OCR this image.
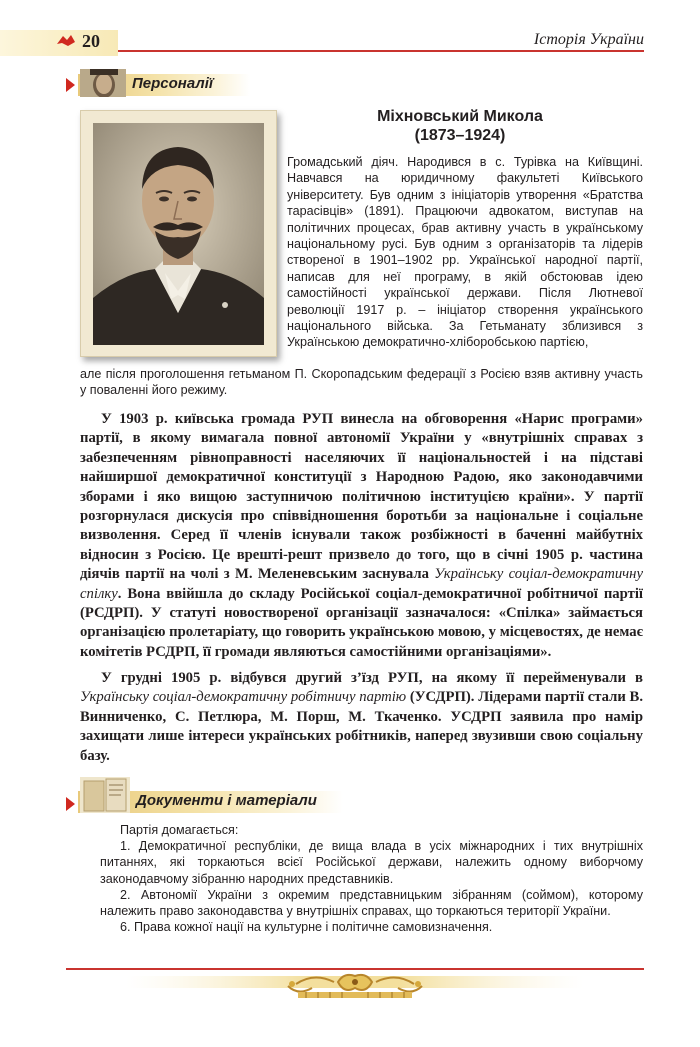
20	Історія України
Персоналії
Міхновський Микола
(1873–1924)
Громадський діяч. Народився в с. Турівка на Київщині. Навчався на юридичному факультеті Київського університету. Був одним з ініціаторів утворення «Братства тарасівців» (1891). Працюючи адвокатом, виступав на політичних процесах, брав активну участь в українському національному русі. Був одним з організаторів та лідерів створеної в 1901–1902 рр. Української народної партії, написав для неї програму, в якій обстоював ідею самостійності української держави. Після Лютневої революції 1917 р. – ініціатор створення українського національного війська. За Гетьманату зблизився з Українською демократично-хліборобською партією,
але після проголошення гетьманом П. Скоропадським федерації з Росією взяв активну участь у поваленні його режиму.
У 1903 р. київська громада РУП винесла на обговорення «Нарис програми» партії, в якому вимагала повної автономії України у «внутрішніх справах з забезпеченням рівноправності населяючих її національностей і на підставі найширшої демократичної конституції з Народною Радою, яко законодавчими зборами і яко вищою заступничою політичною інституцією країни». У партії розгорнулася дискусія про співвідношення боротьби за національне і соціальне визволення. Серед її членів існували також розбіжності в баченні майбутніх відносин з Росією. Це врешті-решт призвело до того, що в січні 1905 р. частина діячів партії на чолі з М. Меленевським заснувала Українську соціал-демократичну спілку. Вона ввійшла до складу Російської соціал-демократичної робітничої партії (РСДРП). У статуті новоствореної організації зазначалося: «Спілка» займається організацією пролетаріату, що говорить українською мовою, у місцевостях, де немає комітетів РСДРП, її громади являються самостійними організаціями».
У грудні 1905 р. відбувся другий з’їзд РУП, на якому її перейменували в Українську соціал-демократичну робітничу партію (УСДРП). Лідерами партії стали В. Винниченко, С. Петлюра, М. Порш, М. Ткаченко. УСДРП заявила про намір захищати лише інтереси українських робітників, наперед звузивши свою соціальну базу.
Документи і матеріали

Партія домагається:

1. Демократичної республіки, де вища влада в усіх міжнародних і тих внутрішніх питаннях, які торкаються всієї Російської держави, належить одному виборчому законодавчому зібранню народних представників.

2. Автономії України з окремим представницьким зібранням (соймом), которому належить право законодавства у внутрішніх справах, що торкаються території України.

6. Права кожної нації на культурне і політичне самовизначення.
